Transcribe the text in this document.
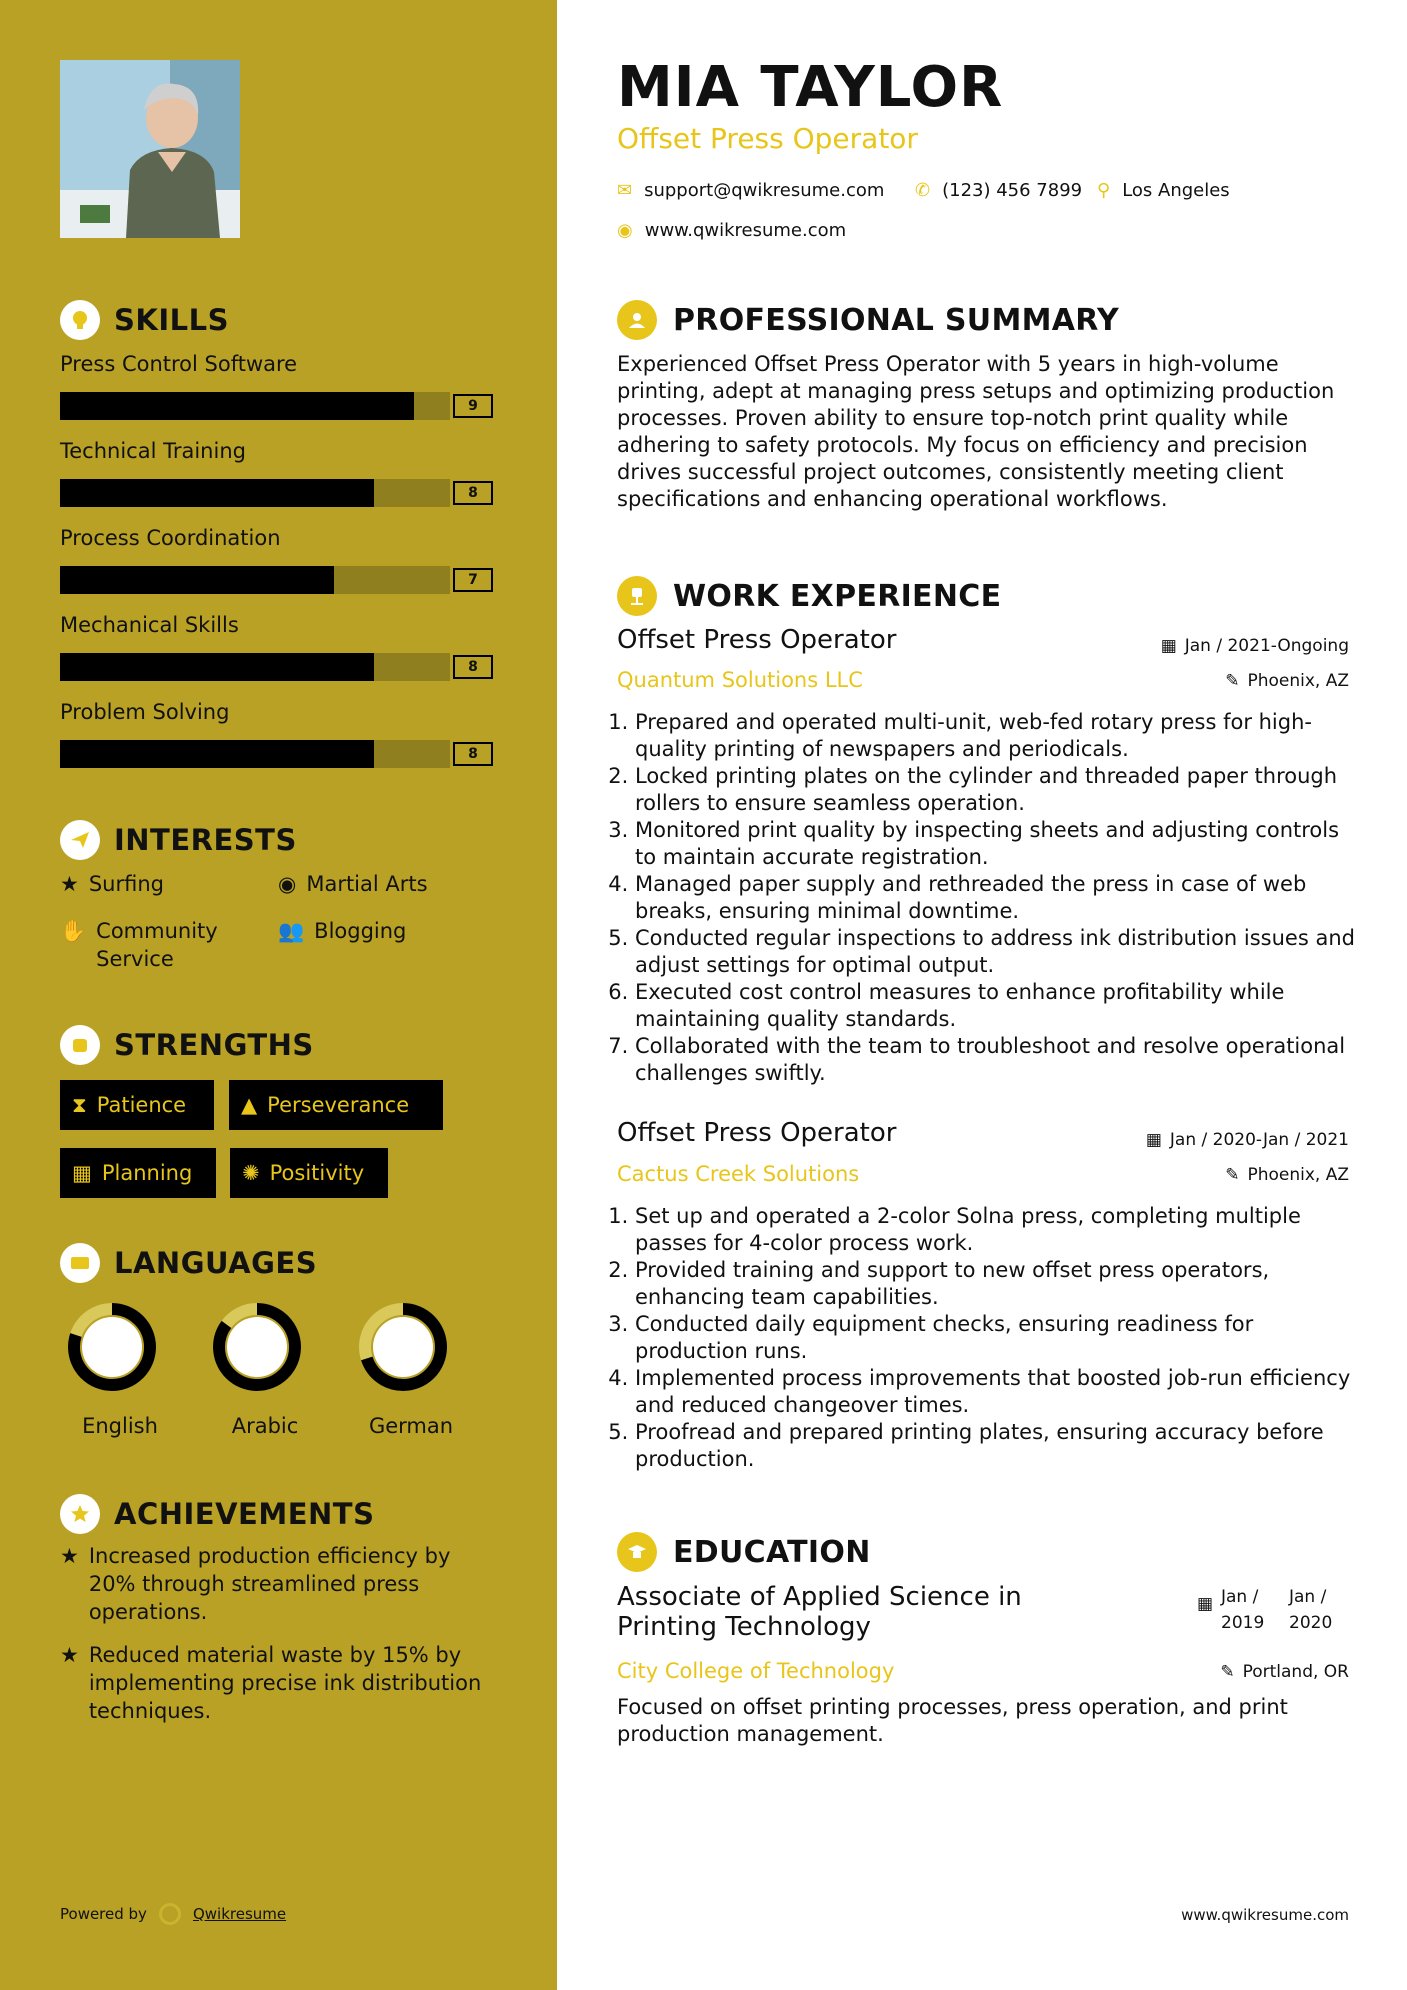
SKILLS
Press Control Software
9
Technical Training
8
Process Coordination
7
Mechanical Skills
8
Problem Solving
8
INTERESTS
★ Surfing	◉ Martial Arts
✋ Community Service
👥 Blogging
STRENGTHS
⧗ Patience	▲ Perseverance
▦ Planning ✺ Positivity
LANGUAGES
English	Arabic	German
ACHIEVEMENTS
★ Increased production efficiency by 20% through streamlined press operations.
★ Reduced material waste by 15% by implementing precise ink distribution techniques.
Powered by	Qwikresume
MIA TAYLOR
Offset Press Operator
✉ support@qwikresume.com ✆ (123) 456 7899 ⚲ Los Angeles
◉ www.qwikresume.com
PROFESSIONAL SUMMARY
Experienced Offset Press Operator with 5 years in high-volume printing, adept at managing press setups and optimizing production processes. Proven ability to ensure top-notch print quality while adhering to safety protocols. My focus on efficiency and precision drives successful project outcomes, consistently meeting client specifications and enhancing operational workflows.
WORK EXPERIENCE
Offset Press Operator	▦ Jan / 2021-Ongoing
Quantum Solutions LLC	✎ Phoenix, AZ
1. Prepared and operated multi-unit, web-fed rotary press for high-quality printing of newspapers and periodicals.
2. Locked printing plates on the cylinder and threaded paper through rollers to ensure seamless operation.
3. Monitored print quality by inspecting sheets and adjusting controls to maintain accurate registration.
4. Managed paper supply and rethreaded the press in case of web breaks, ensuring minimal downtime.
5. Conducted regular inspections to address ink distribution issues and adjust settings for optimal output.
6. Executed cost control measures to enhance profitability while maintaining quality standards.
7. Collaborated with the team to troubleshoot and resolve operational challenges swiftly.
Offset Press Operator	▦ Jan / 2020-Jan / 2021
Cactus Creek Solutions	✎ Phoenix, AZ
1. Set up and operated a 2-color Solna press, completing multiple passes for 4-color process work.
2. Provided training and support to new offset press operators, enhancing team capabilities.
3. Conducted daily equipment checks, ensuring readiness for production runs.
4. Implemented process improvements that boosted job-run efficiency and reduced changeover times.
5. Proofread and prepared printing plates, ensuring accuracy before production.
EDUCATION
Associate of Applied Science in
Printing Technology
▦ Jan / 2019
Jan / 2020
City College of Technology	✎ Portland, OR
Focused on offset printing processes, press operation, and print production management.
www.qwikresume.com
